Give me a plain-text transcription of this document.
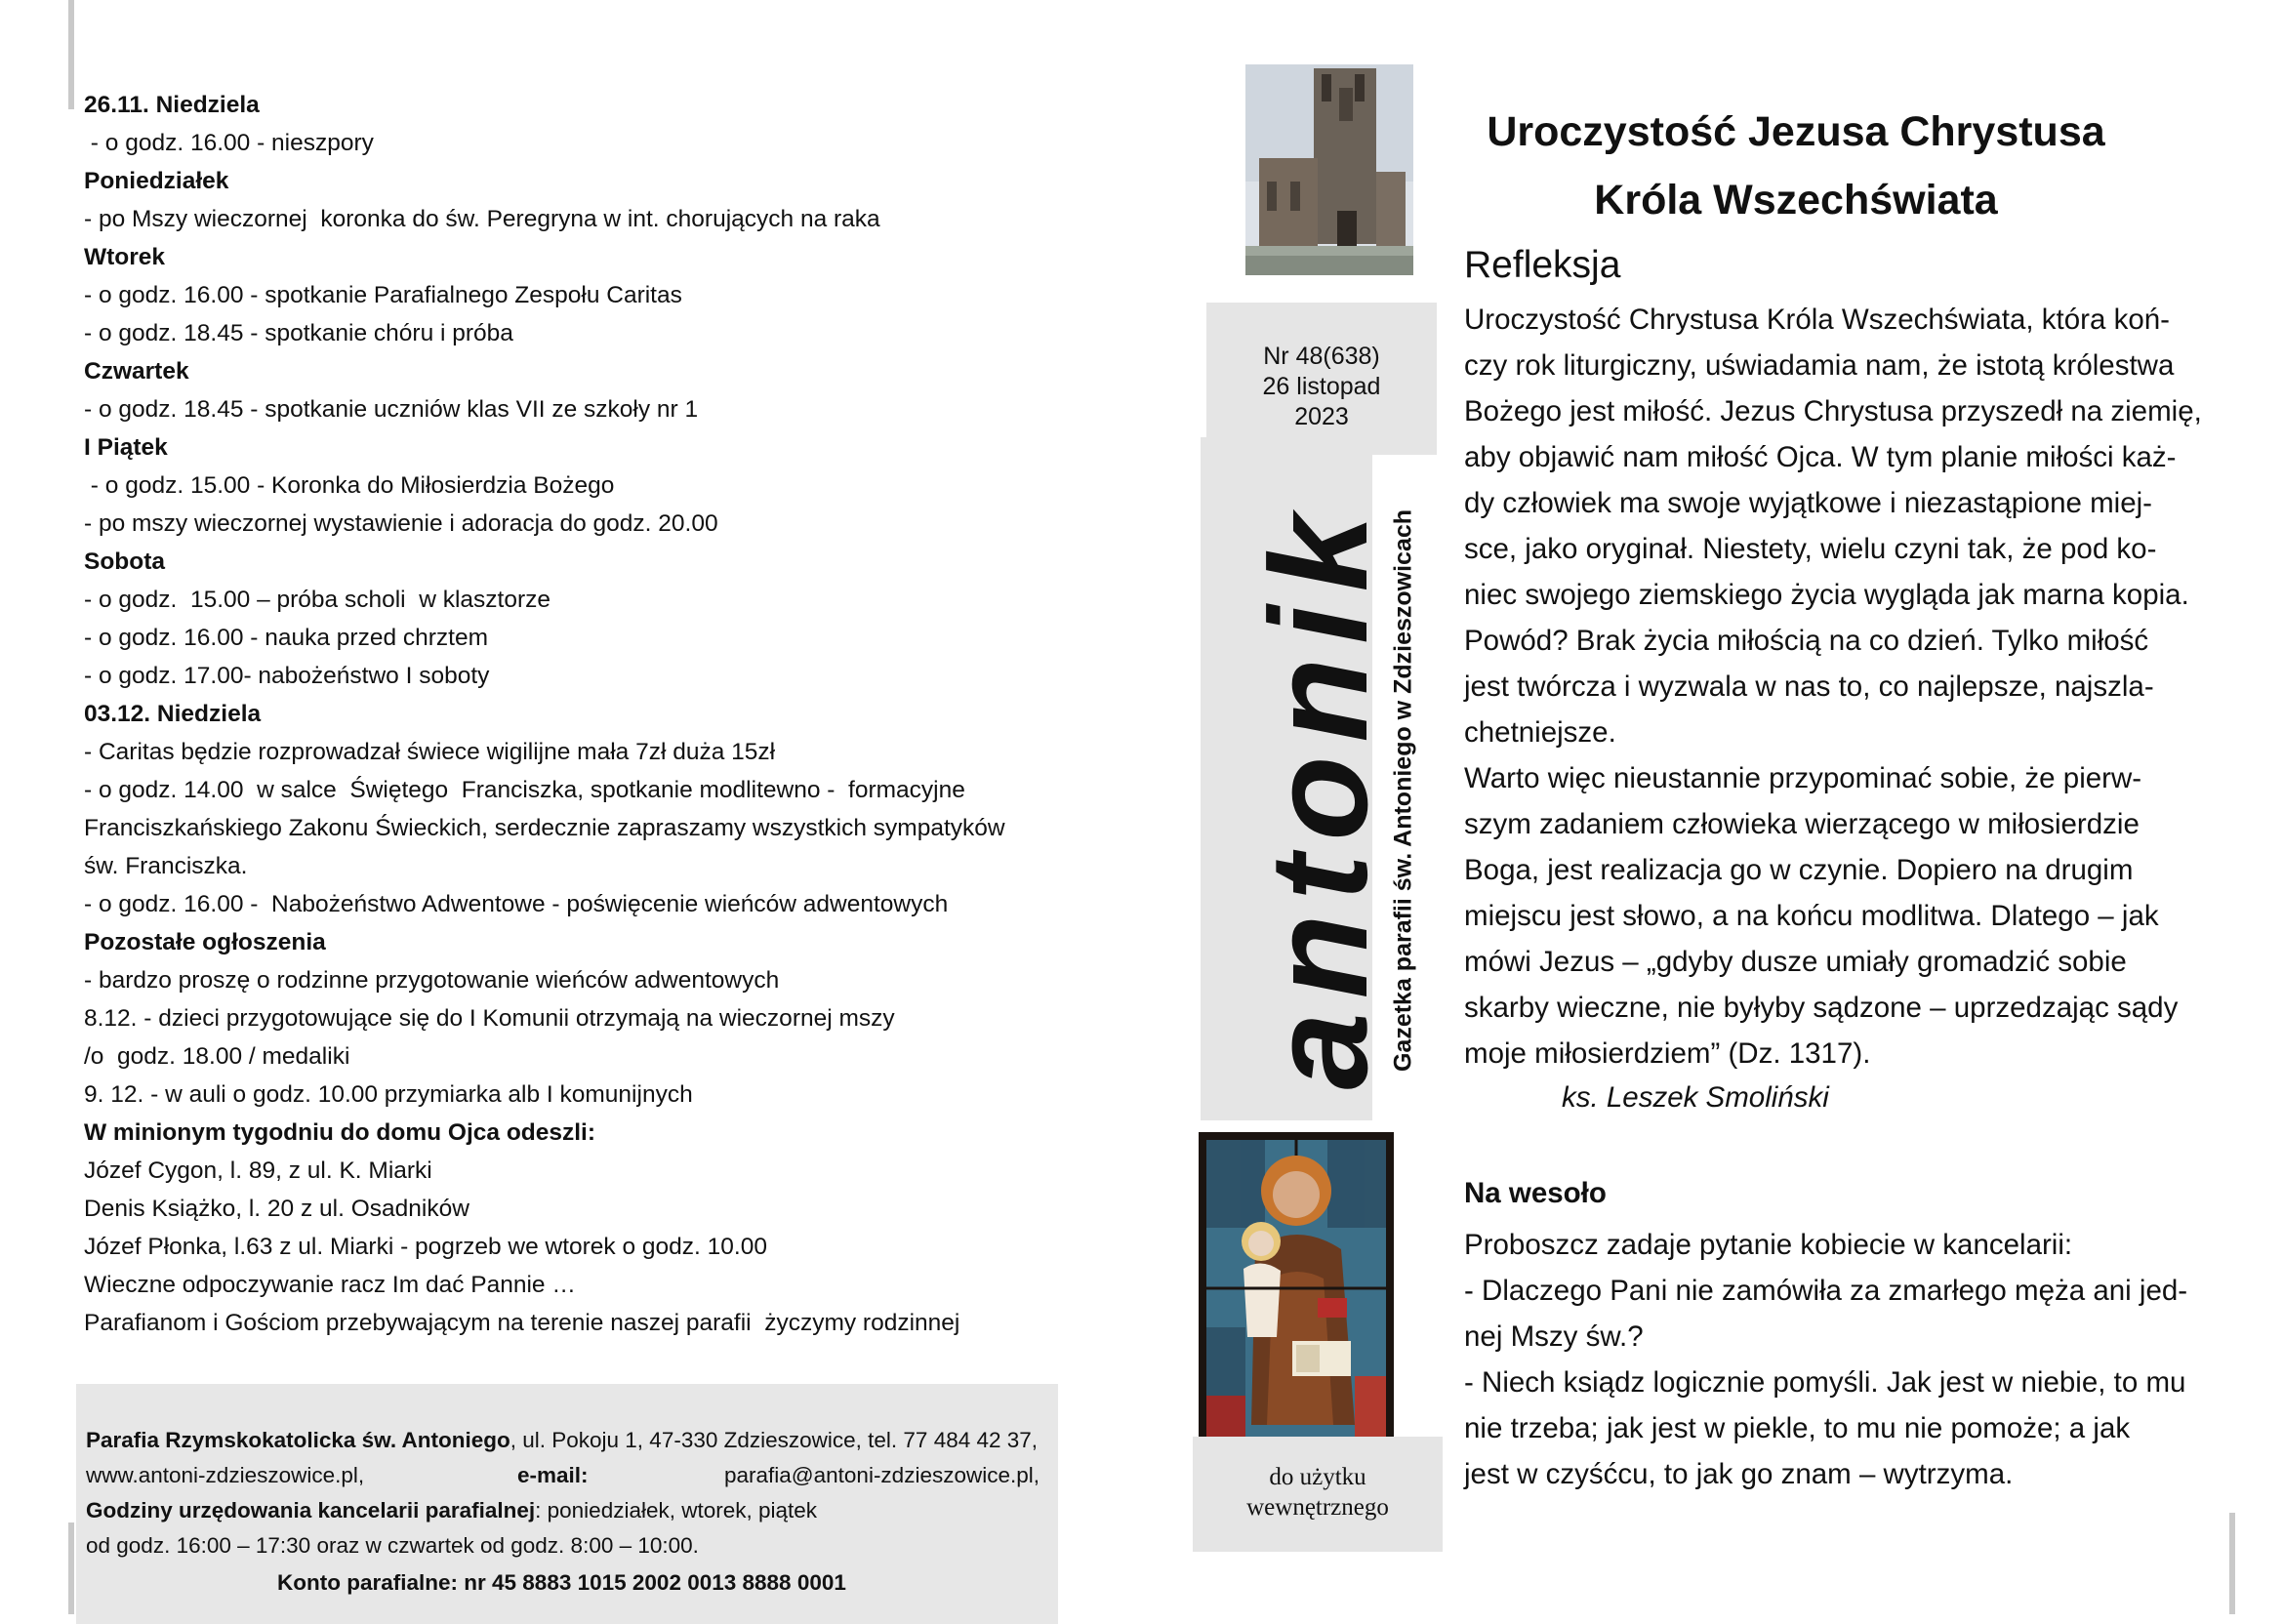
26.11. Niedziela
- o godz. 16.00 - nieszpory
Poniedziałek
- po Mszy wieczornej  koronka do św. Peregryna w int. chorujących na raka
Wtorek
- o godz. 16.00 - spotkanie Parafialnego Zespołu Caritas
- o godz. 18.45 - spotkanie chóru i próba
Czwartek
- o godz. 18.45 - spotkanie uczniów klas VII ze szkoły nr 1
I Piątek
- o godz. 15.00 - Koronka do Miłosierdzia Bożego
- po mszy wieczornej wystawienie i adoracja do godz. 20.00
Sobota
- o godz.  15.00 – próba scholi  w klasztorze
- o godz. 16.00 - nauka przed chrztem
- o godz. 17.00- nabożeństwo I soboty
03.12. Niedziela
- Caritas będzie rozprowadzał świece wigilijne mała 7zł duża 15zł
- o godz. 14.00  w salce  Świętego  Franciszka, spotkanie modlitewno -  formacyjne
Franciszkańskiego Zakonu Świeckich, serdecznie zapraszamy wszystkich sympatyków
św. Franciszka.
- o godz. 16.00 -  Nabożeństwo Adwentowe - poświęcenie wieńców adwentowych
Pozostałe ogłoszenia
- bardzo proszę o rodzinne przygotowanie wieńców adwentowych
8.12. - dzieci przygotowujące się do I Komunii otrzymają na wieczornej mszy
/o  godz. 18.00 / medaliki
9. 12. - w auli o godz. 10.00 przymiarka alb I komunijnych
W minionym tygodniu do domu Ojca odeszli:
Józef Cygon, l. 89, z ul. K. Miarki
Denis Książko, l. 20 z ul. Osadników
Józef Płonka, l.63 z ul. Miarki - pogrzeb we wtorek o godz. 10.00
Wieczne odpoczywanie racz Im dać Pannie …
Parafianom i Gościom przebywającym na terenie naszej parafii  życzymy rodzinnej
Parafia Rzymskokatolicka św. Antoniego, ul. Pokoju 1, 47-330 Zdzieszowice, tel. 77 484 42 37,
www.antoni-zdzieszowice.pl,	e-mail:	parafia@antoni-zdzieszowice.pl,
Godziny urzędowania kancelarii parafialnej: poniedziałek, wtorek, piątek
od godz. 16:00 – 17:30 oraz w czwartek od godz. 8:00 – 10:00.
Konto parafialne: nr 45 8883 1015 2002 0013 8888 0001
Nr 48(638)
26 listopad
2023
antonik
Gazetka parafii św. Antoniego w Zdzieszowicach
do użytku
wewnętrznego
Uroczystość Jezusa Chrystusa
Króla Wszechświata
Refleksja
Uroczystość Chrystusa Króla Wszechświata, która koń-
czy rok liturgiczny, uświadamia nam, że istotą królestwa
Bożego jest miłość. Jezus Chrystusa przyszedł na ziemię,
aby objawić nam miłość Ojca. W tym planie miłości każ-
dy człowiek ma swoje wyjątkowe i niezastąpione miej-
sce, jako oryginał. Niestety, wielu czyni tak, że pod ko-
niec swojego ziemskiego życia wygląda jak marna kopia.
Powód? Brak życia miłością na co dzień. Tylko miłość
jest twórcza i wyzwala w nas to, co najlepsze, najszla-
chetniejsze.
Warto więc nieustannie przypominać sobie, że pierw-
szym zadaniem człowieka wierzącego w miłosierdzie
Boga, jest realizacja go w czynie. Dopiero na drugim
miejscu jest słowo, a na końcu modlitwa. Dlatego – jak
mówi Jezus – „gdyby dusze umiały gromadzić sobie
skarby wieczne, nie byłyby sądzone – uprzedzając sądy
moje miłosierdziem” (Dz. 1317).
ks. Leszek Smoliński
Na wesoło
Proboszcz zadaje pytanie kobiecie w kancelarii:
- Dlaczego Pani nie zamówiła za zmarłego męża ani jed-
nej Mszy św.?
- Niech ksiądz logicznie pomyśli. Jak jest w niebie, to mu
nie trzeba; jak jest w piekle, to mu nie pomoże; a jak
jest w czyśćcu, to jak go znam – wytrzyma.
